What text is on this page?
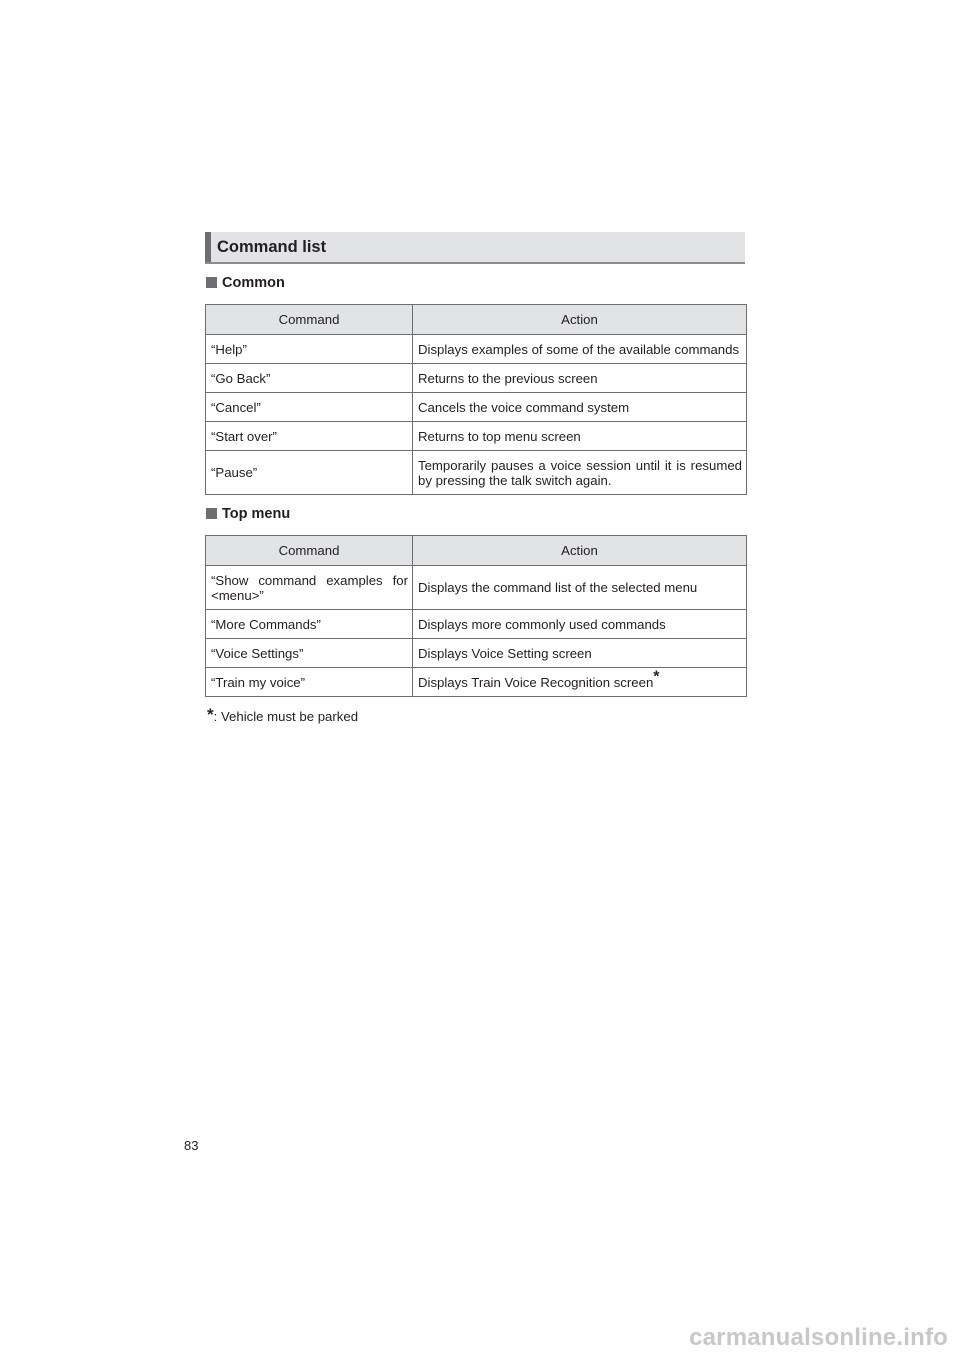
Command list
Common
Command	Action
“Help”	Displays examples of some of the available commands
“Go Back”	Returns to the previous screen
“Cancel”	Cancels the voice command system
“Start over”	Returns to top menu screen
“Pause”	Temporarily pauses a voice session until it is resumed by pressing the talk switch again.
Top menu
Command	Action
“Show command examples for <menu>”	Displays the command list of the selected menu
“More Commands”	Displays more commonly used commands
“Voice Settings”	Displays Voice Setting screen
“Train my voice”	Displays Train Voice Recognition screen*
*: Vehicle must be parked
83
carmanualsonline.info
